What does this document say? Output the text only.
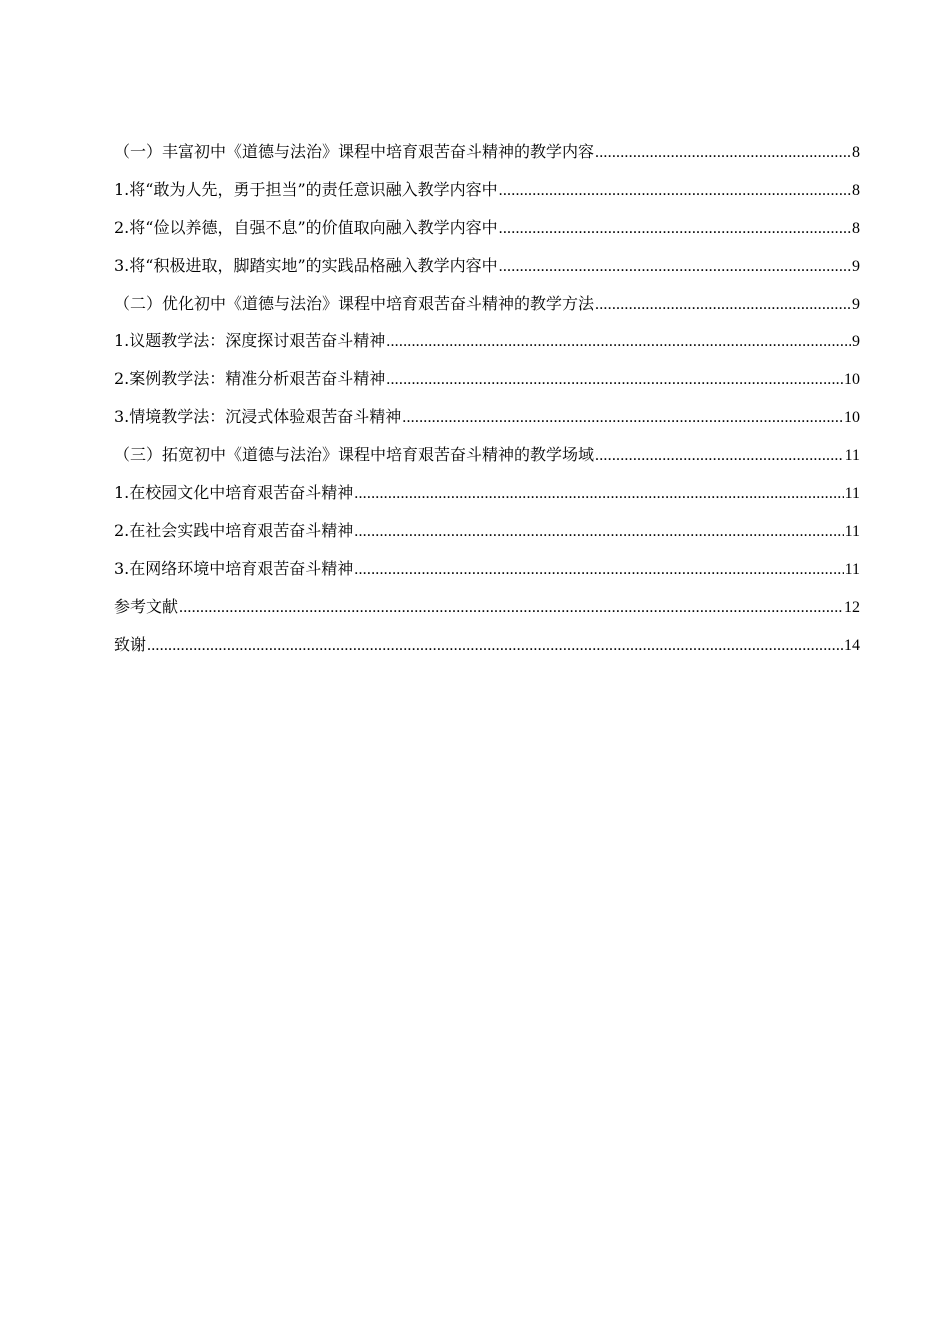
（一）丰富初中《道德与法治》课程中培育艰苦奋斗精神的教学内容 .....	8
1.将“敢为人先，勇于担当”的责任意识融入教学内容中 .....	8
2.将“俭以养德，自强不息”的价值取向融入教学内容中 .....	8
3.将“积极进取，脚踏实地”的实践品格融入教学内容中 .....	9
（二）优化初中《道德与法治》课程中培育艰苦奋斗精神的教学方法 .....	9
1.议题教学法：深度探讨艰苦奋斗精神 .....	9
2.案例教学法：精准分析艰苦奋斗精神 .....	10
3.情境教学法：沉浸式体验艰苦奋斗精神 .....	10
（三）拓宽初中《道德与法治》课程中培育艰苦奋斗精神的教学场域 .....	11
1.在校园文化中培育艰苦奋斗精神 .....	11
2.在社会实践中培育艰苦奋斗精神 .....	11
3.在网络环境中培育艰苦奋斗精神 .....	11
参考文献 .....	12
致谢 .....	14
